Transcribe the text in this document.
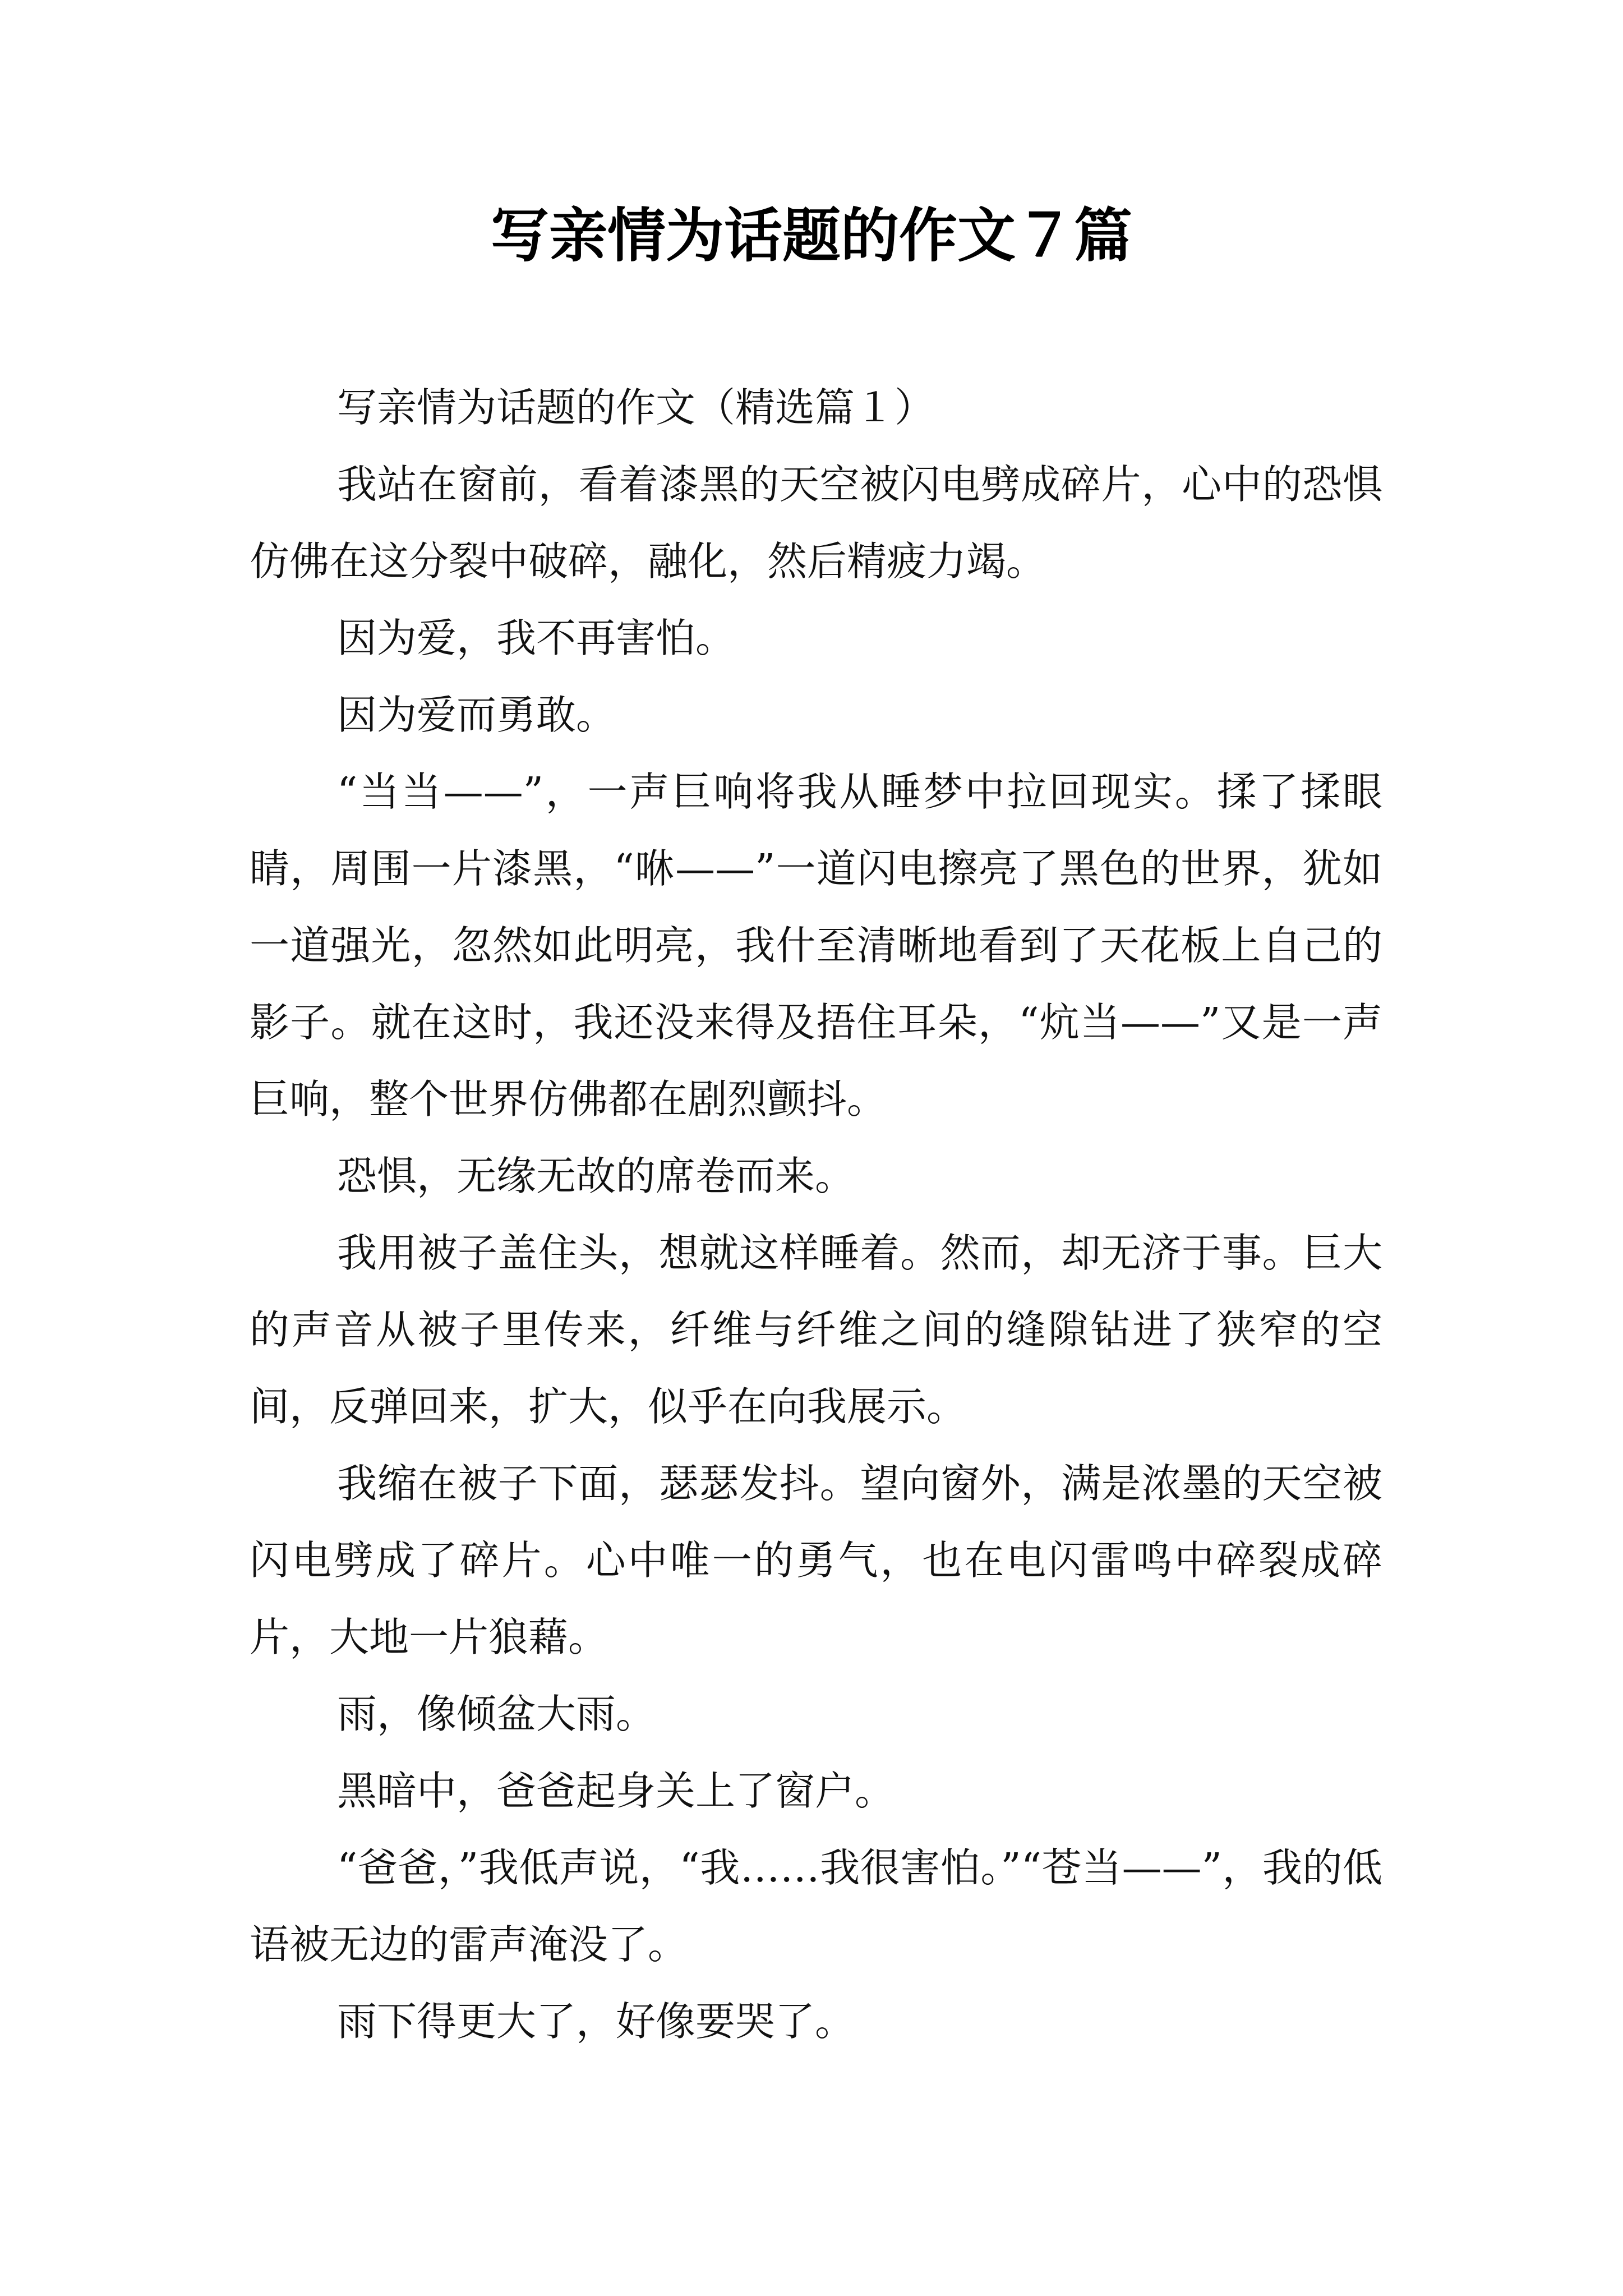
写亲情为话题的作文７篇

写亲情为话题的作文（精选篇１）

我站在窗前，看着漆黑的天空被闪电劈成碎片，心中的恐惧仿佛在这分裂中破碎，融化，然后精疲力竭。

因为爱，我不再害怕。

因为爱而勇敢。

“当当——”，一声巨响将我从睡梦中拉回现实。揉了揉眼睛，周围一片漆黑，“咻——”一道闪电擦亮了黑色的世界，犹如一道强光，忽然如此明亮，我什至清晰地看到了天花板上自己的影子。就在这时，我还没来得及捂住耳朵，“炕当——”又是一声巨响，整个世界仿佛都在剧烈颤抖。

恐惧，无缘无故的席卷而来。

我用被子盖住头，想就这样睡着。然而，却无济于事。巨大的声音从被子里传来，纤维与纤维之间的缝隙钻进了狭窄的空间，反弹回来，扩大，似乎在向我展示。

我缩在被子下面，瑟瑟发抖。望向窗外，满是浓墨的天空被闪电劈成了碎片。心中唯一的勇气，也在电闪雷鸣中碎裂成碎片，大地一片狼藉。

雨，像倾盆大雨。

黑暗中，爸爸起身关上了窗户。

“爸爸，”我低声说，“我……我很害怕。”“苍当——”，我的低语被无边的雷声淹没了。

雨下得更大了，好像要哭了。
